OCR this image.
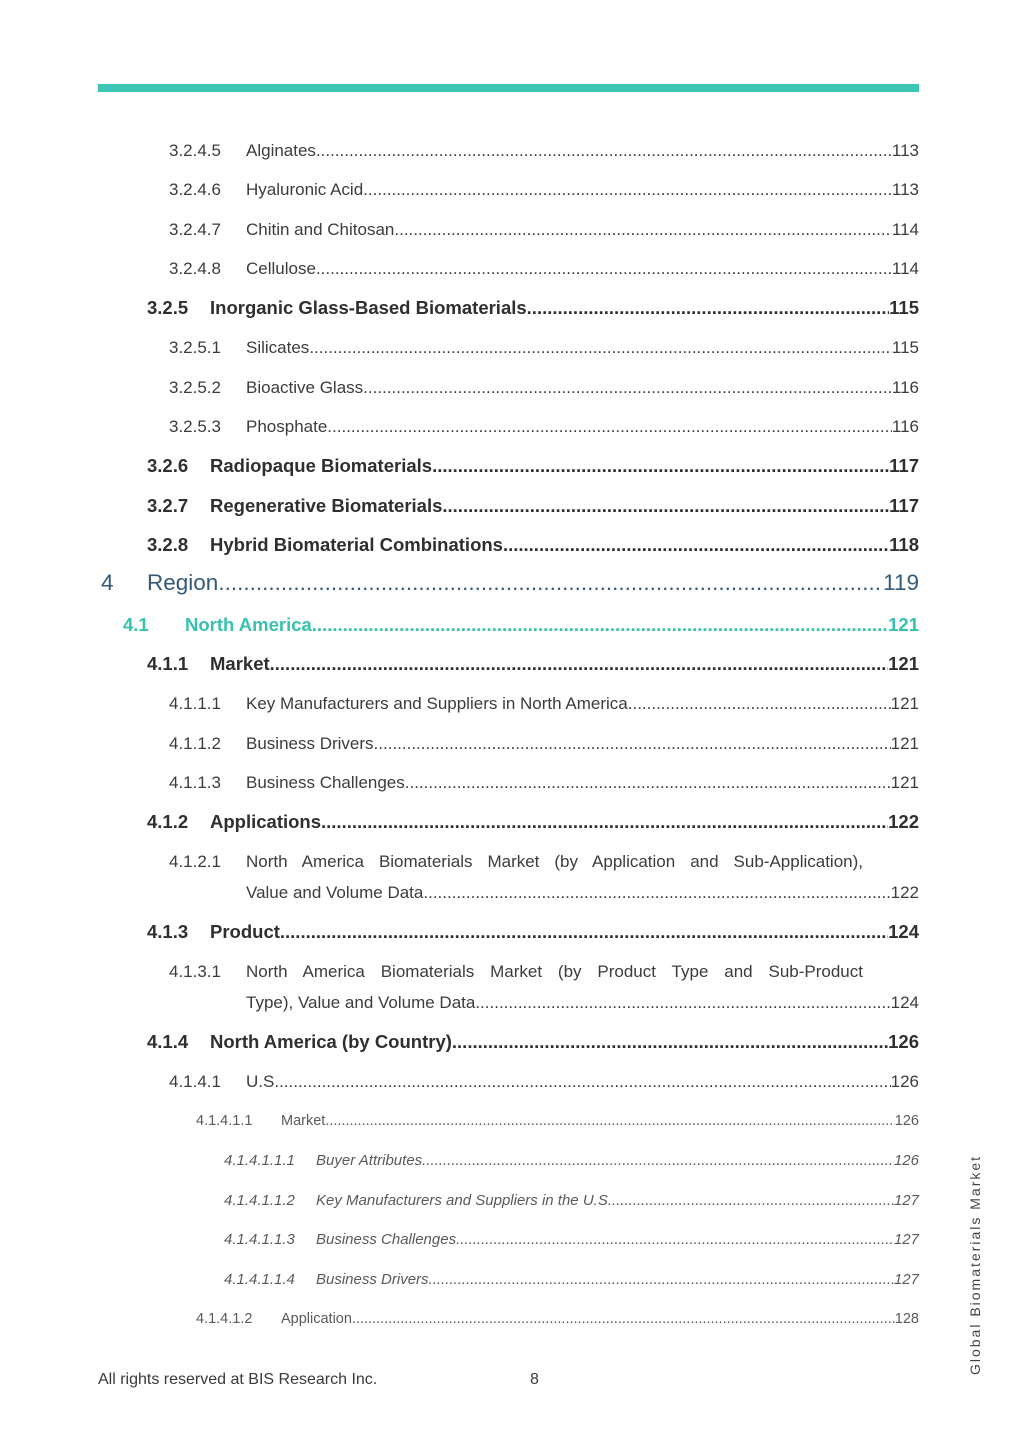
3.2.4.5	Alginates .....	113
3.2.4.6	Hyaluronic Acid .....	113
3.2.4.7	Chitin and Chitosan .....	114
3.2.4.8	Cellulose .....	114
3.2.5	Inorganic Glass-Based Biomaterials .....	115
3.2.5.1	Silicates .....	115
3.2.5.2	Bioactive Glass .....	116
3.2.5.3	Phosphate .....	116
3.2.6	Radiopaque Biomaterials .....	117
3.2.7	Regenerative Biomaterials .....	117
3.2.8	Hybrid Biomaterial Combinations .....	118
4	Region .....	119
4.1	North America .....	121
4.1.1	Market .....	121
4.1.1.1	Key Manufacturers and Suppliers in North America .....	121
4.1.1.2	Business Drivers .....	121
4.1.1.3	Business Challenges .....	121
4.1.2	Applications .....	122
4.1.2.1 North America Biomaterials Market (by Application and Sub-Application),
Value and Volume Data .....	122
4.1.3	Product .....	124
4.1.3.1 North America Biomaterials Market (by Product Type and Sub-Product
Type), Value and Volume Data .....	124
4.1.4	North America (by Country) .....	126
4.1.4.1	U.S. .....	126
4.1.4.1.1	Market .....	126
4.1.4.1.1.1	Buyer Attributes .....	126
4.1.4.1.1.2	Key Manufacturers and Suppliers in the U.S. .....	127
4.1.4.1.1.3	Business Challenges .....	127
4.1.4.1.1.4	Business Drivers .....	127
4.1.4.1.2	Application .....	128
All rights reserved at BIS Research Inc.	8
Global Biomaterials Market
